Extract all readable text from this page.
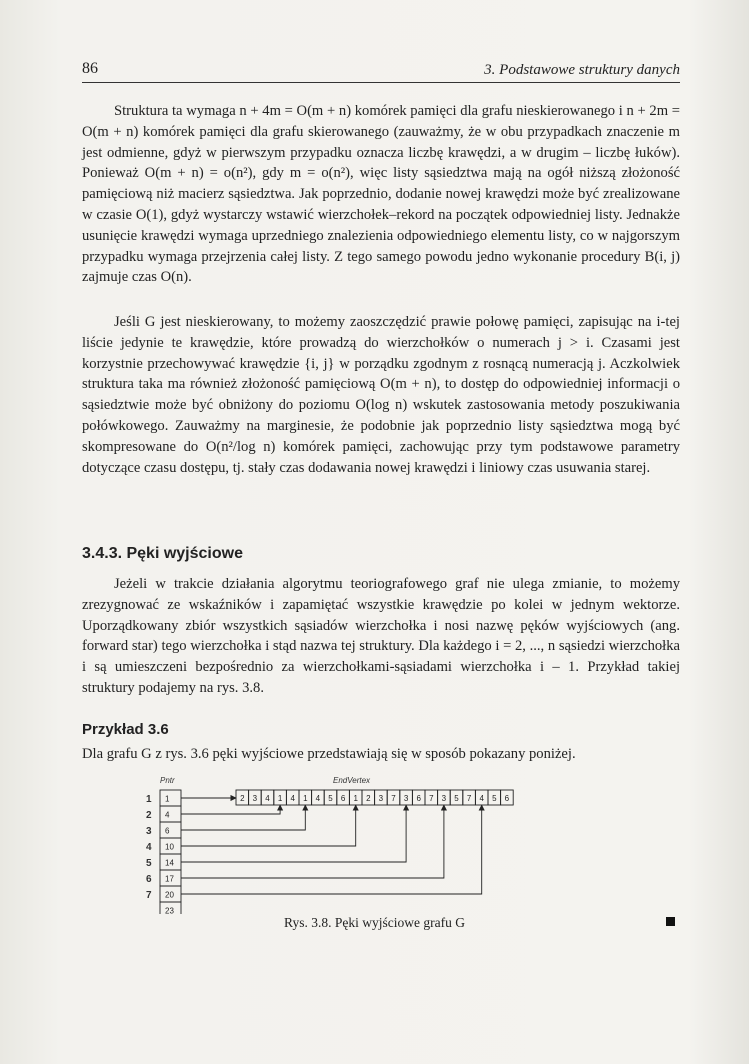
86	3. Podstawowe struktury danych

Struktura ta wymaga n + 4m = O(m + n) komórek pamięci dla grafu nieskierowanego i n + 2m = O(m + n) komórek pamięci dla grafu skierowanego (zauważmy, że w obu przypadkach znaczenie m jest odmienne, gdyż w pierwszym przypadku oznacza liczbę krawędzi, a w drugim – liczbę łuków). Ponieważ O(m + n) = o(n²), gdy m = o(n²), więc listy sąsiedztwa mają na ogół niższą złożoność pamięciową niż macierz sąsiedztwa. Jak poprzednio, dodanie nowej krawędzi może być zrealizowane w czasie O(1), gdyż wystarczy wstawić wierzchołek–rekord na początek odpowiedniej listy. Jednakże usunięcie krawędzi wymaga uprzedniego znalezienia odpowiedniego elementu listy, co w najgorszym przypadku wymaga przejrzenia całej listy. Z tego samego powodu jedno wykonanie procedury B(i, j) zajmuje czas O(n).

Jeśli G jest nieskierowany, to możemy zaoszczędzić prawie połowę pamięci, zapisując na i-tej liście jedynie te krawędzie, które prowadzą do wierzchołków o numerach j > i. Czasami jest korzystnie przechowywać krawędzie {i, j} w porządku zgodnym z rosnącą numeracją j. Aczkolwiek struktura taka ma również złożoność pamięciową O(m + n), to dostęp do odpowiedniej informacji o sąsiedztwie może być obniżony do poziomu O(log n) wskutek zastosowania metody poszukiwania połówkowego. Zauważmy na marginesie, że podobnie jak poprzednio listy sąsiedztwa mogą być skompresowane do O(n²/log n) komórek pamięci, zachowując przy tym podstawowe parametry dotyczące czasu dostępu, tj. stały czas dodawania nowej krawędzi i liniowy czas usuwania starej.

3.4.3. Pęki wyjściowe

Jeżeli w trakcie działania algorytmu teoriografowego graf nie ulega zmianie, to możemy zrezygnować ze wskaźników i zapamiętać wszystkie krawędzie po kolei w jednym wektorze. Uporządkowany zbiór wszystkich sąsiadów wierzchołka i nosi nazwę pęków wyjściowych (ang. forward star) tego wierzchołka i stąd nazwa tej struktury. Dla każdego i = 2, ..., n sąsiedzi wierzchołka i są umieszczeni bezpośrednio za wierzchołkami-sąsiadami wierzchołka i – 1. Przykład takiej struktury podajemy na rys. 3.8.

Przykład 3.6

Dla grafu G z rys. 3.6 pęki wyjściowe przedstawiają się w sposób pokazany poniżej.

Pntr	EndVertex
1
4
6
10
14
17
20
23
1
2
3
4
5
6
7
2 3 4 1 4 1 4 5 6 1 2 3 7 3 6 7 3 5 7 4 5 6
Rys. 3.8. Pęki wyjściowe grafu G
